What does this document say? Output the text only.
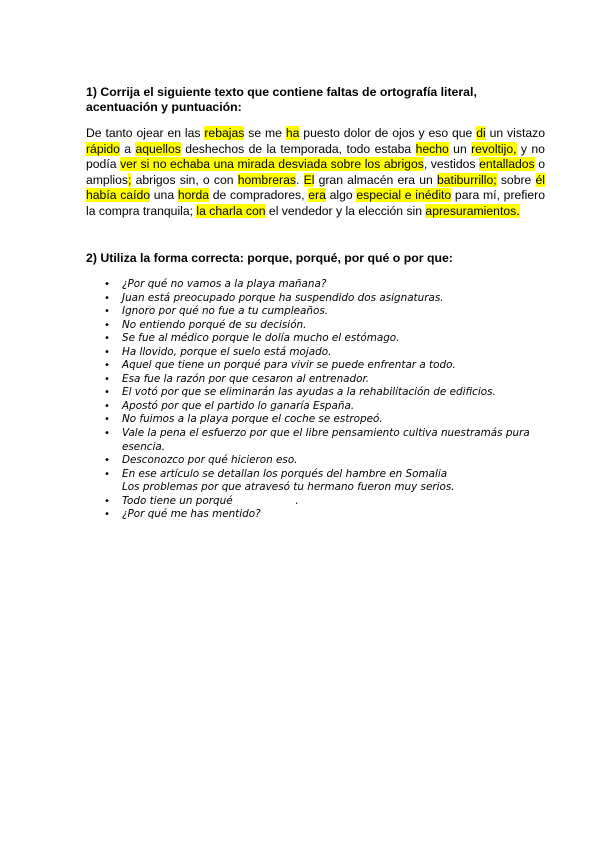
1) Corrija el siguiente texto que contiene faltas de ortografía literal, acentuación y puntuación:
De tanto ojear en las rebajas se me ha puesto dolor de ojos y eso que di un vistazo rápido a aquellos deshechos de la temporada, todo estaba hecho un revoltijo, y no podía ver si no echaba una mirada desviada sobre los abrigos, vestidos entallados o amplios; abrigos sin, o con hombreras. El gran almacén era un batiburrillo; sobre él había caído una horda de compradores, era algo especial e inédito para mí, prefiero la compra tranquila; la charla con el vendedor y la elección sin apresuramientos.
2) Utiliza la forma correcta: porque, porqué, por qué o por que:
• ¿Por qué no vamos a la playa mañana?
• Juan está preocupado porque ha suspendido dos asignaturas.
• Ignoro por qué no fue a tu cumpleaños.
• No entiendo porqué de su decisión.
• Se fue al médico porque le dolía mucho el estómago.
• Ha llovido, porque el suelo está mojado.
• Aquel que tiene un porqué para vivir se puede enfrentar a todo.
• Esa fue la razón por que cesaron al entrenador.
• El votó por que se eliminarán las ayudas a la rehabilitación de edificios.
• Apostó por que el partido lo ganaría España.
• No fuimos a la playa porque el coche se estropeó.
• Vale la pena el esfuerzo por que el libre pensamiento cultiva nuestramás pura esencia.
• Desconozco por qué hicieron eso.
• En ese artículo se detallan los porqués del hambre en Somalia
Los problemas por que atravesó tu hermano fueron muy serios.
• Todo tiene un porqué                   .
• ¿Por qué me has mentido?
